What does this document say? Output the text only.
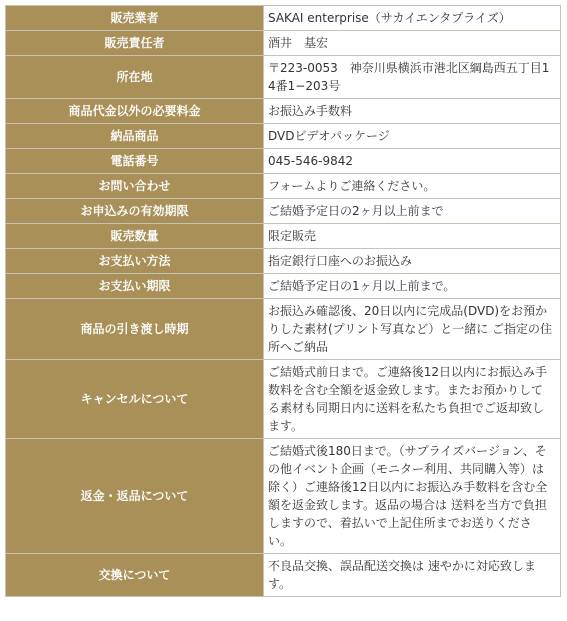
販売業者	SAKAI enterprise（サカイエンタプライズ）
販売責任者	酒井　基宏
所在地	〒223-0053　神奈川県横浜市港北区綱島西五丁目14番1−203号
商品代金以外の必要料金	お振込み手数料
納品商品	DVDビデオパッケージ
電話番号	045-546-9842
お問い合わせ	フォームよりご連絡ください。
お申込みの有効期限	ご結婚予定日の2ヶ月以上前まで
販売数量	限定販売
お支払い方法	指定銀行口座へのお振込み
お支払い期限	ご結婚予定日の1ヶ月以上前まで。
商品の引き渡し時期	お振込み確認後、20日以内に完成品(DVD)をお預かりした素材(プリント写真など）と一緒に ご指定の住所へご納品
キャンセルについて	ご結婚式前日まで。ご連絡後12日以内にお振込み手数料を含む全額を返金致します。またお預かりしてる素材も同期日内に送料を私たち負担でご返却致します。
返金・返品について	ご結婚式後180日まで。（サプライズバージョン、その他イベント企画（モニター利用、共同購入等）は除く）ご連絡後12日以内にお振込み手数料を含む全額を返金致します。返品の場合は 送料を当方で負担しますので、着払いで上記住所までお送りください。
交換について	不良品交換、誤品配送交換は 速やかに対応致します。
